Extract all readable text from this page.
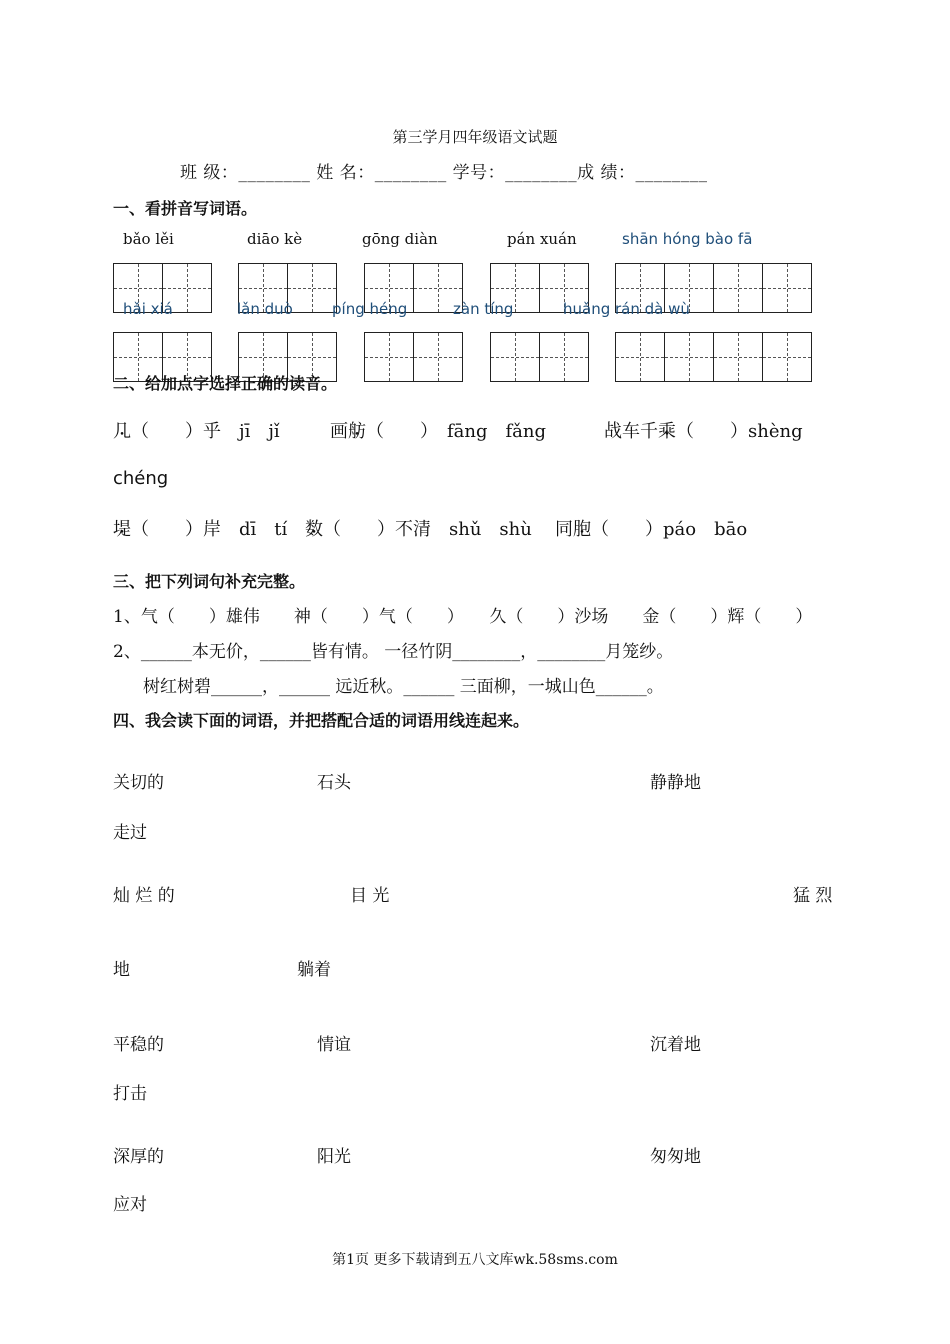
第三学月四年级语文试题
班 级：________ 姓 名：________ 学号：________成 绩：________
一、看拼音写词语。
bǎo lěi	diāo kè	gōng diàn	pán xuán	shān hóng bào fā
hǎi xiá	lǎn duò	píng héng	zàn tíng	huǎng rán dà wù
二、给加点字选择正确的读音。
几 •（　　）乎　jī　jǐ	画舫 •（　　）　fāng　fǎng	战车千乘 •（　　）shèng
chéng
堤 •（　　）岸　dī　tí 数 •（　　）不清　shǔ　shù 同胞 •（　　）páo　bāo
三、把下列词句补充完整。
1、气（　　）雄伟　　神（　　）气（　　）　　久（　　）沙场　　金（　　）辉（　　）
2、______本无价，______皆有情。 一径竹阴________，________月笼纱。
树红树碧______，______ 远近秋。______ 三面柳，一城山色______。
四、我会读下面的词语，并把搭配合适的词语用线连起来。
关切的	石头	静静地
走过
灿 烂 的	目 光	猛 烈
地	躺着
平稳的	情谊	沉着地
打击
深厚的	阳光	匆匆地
应对
第1页 更多下载请到五八文库wk.58sms.com
